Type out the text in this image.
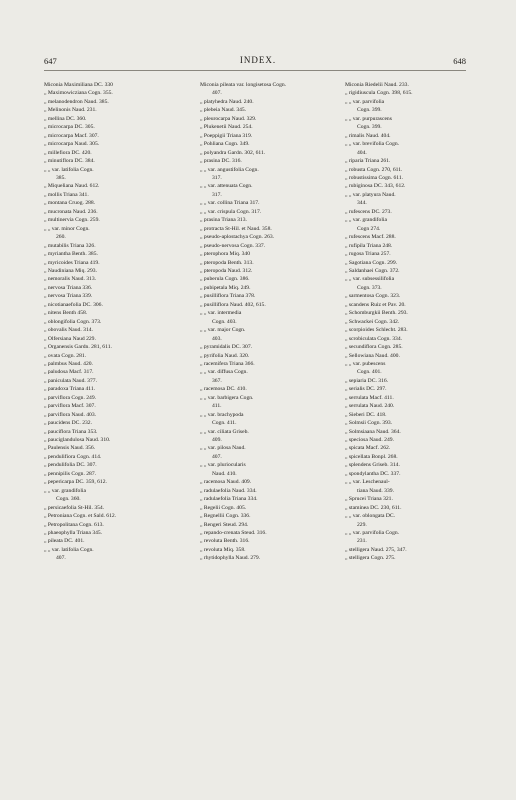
647	INDEX.	648
Miconia Maximiliana DC. 330
„ Maximowicziana Cogn. 355.
„ melanodendron Naud. 385.
„ Melinonis Naud. 231.
„ mellina DC. 360.
„ microcarpa DC. 305.
„ microcarpa Macf. 307.
„ microcarpa Naud. 305.
„ millefiora DC. 420.
„ minutiflora DC. 384.
„ „ var. latifolia Cogn.
385.
„ Miqueliana Naud. 612.
„ mollis Triana 341.
„ montana Cruog. 288.
„ mucronata Naud. 236.
„ multinervia Cogn. 259.
„ „ var. minor Cogn.
260.
„ mutabilis Triana 326.
„ myriantha Benth. 385.
„ myricoides Triana 419.
„ Naudiniana Miq. 293.
„ nemoralis Naud. 313.
„ nervosa Triana 336.
„ nervosa Triana 339.
„ nicotianaefolia DC. 306.
„ nitens Benth 458.
„ oblongifolia Cogn. 373.
„ obovalis Naud. 314.
„ Olfersiana Naud 229.
„ Organensis Gardn. 281, 611.
„ ovata Cogn. 281.
„ palmbus Naud. 420.
„ paludosa Macf. 317.
„ paniculata Naud. 377.
„ paradoxa Triana 411.
„ parviflora Cogn. 249.
„ parviflora Macf. 307.
„ parviflora Naud. 403.
„ paucidens DC. 232.
„ pauciflora Triana 353.
„ pauciglandulosa Naud. 310.
„ Paulensis Naud. 356.
„ pendulifiora Cogn. 414.
„ pendulifolia DC. 307.
„ pennipilis Cogn. 287.
„ pepericarpa DC. 359, 612.
„ „ var. grandifolia
Cogn. 360.
„ persicaefolia St-Hil. 354.
„ Petroniana Cogn. et Sald. 612.
„ Petropolitana Cogn. 613.
„ phaeophylla Triana 345.
„ pileata DC. 401.
„ „ var. latifolia Cogn.
407.
Miconia pileata var. longisetosa Cogn.
407.
„ platyhedra Naud. 240.
„ plebeia Naud. 345.
„ pleurocarpa Naud. 329.
„ Plukenetii Naud. 254.
„ Poeppigii Triana 319.
„ Pohliana Cogn. 349.
„ polyandra Gardn. 302, 611.
„ prasina DC. 316.
„ „ var. angustifolia Cogn.
317.
„ „ var. attenuata Cogn.
317.
„ „ var. collina Triana 317.
„ „ var. crispula Cogn. 317.
„ prasina Triana 313.
„ protracta St-Hil. et Naud. 358.
„ pseudo-aplostachya Cogn. 263.
„ pseudo-nervosa Cogn. 337.
„ pterophora Miq. 340
„ pteropoda Benth. 313.
„ pteropoda Naud. 312.
„ puberula Cogn. 386.
„ pubipetala Miq. 249.
„ pusilliflora Triana 378.
„ pusilliflora Naud. 402, 615.
„ „ var. intermedia
Cogn. 403.
„ „ var. major Cogn.
403.
„ pyramidalis DC. 307.
„ pyrifolia Naud. 320.
„ racemifera Triana 366.
„ „ var. diffusa Cogn.
367.
„ racemosa DC. 410.
„ „ var. barbigera Cogn.
411.
„ „ var. brachypoda
Cogn. 411.
„ „ var. ciliata Griseb.
409.
„ „ var. pilosa Naud.
407.
„ „ var. pluriocularis
Naud. 410.
„ racemosa Naud. 409.
„ radulaefolia Naud. 334.
„ radulaefolia Triana 334.
„ Regelii Cogn. 405.
„ Regnellii Cogn. 336.
„ Rengeri Steud. 294.
„ repando-crenata Steud. 316.
„ revoluta Benth. 316.
„ revoluta Miq. 358.
„ rhytidophylla Naud. 279.
Miconia Riedelii Naud. 233.
„ rigidiuscula Cogn. 398, 615.
„ „ var. parvifolia
Cogn. 399.
„ „ var. purpurascens
Cogn. 399.
„ rimalis Naud. 404.
„ „ var. brevifolia Cogn.
404.
„ riparia Triana 261.
„ robusta Cogn. 270, 611.
„ robustissima Cogn. 611.
„ rubiginosa DC. 343, 612.
„ „ var. platyura Naud.
344.
„ rufescens DC. 273.
„ „ var. grandifolia
Cogn 274.
„ rufescens Macf. 288.
„ rufipila Triana 248.
„ rugosa Triana 257.
„ Sagotiana Cogn. 299.
„ Saldanhaei Cogn. 372.
„ „ var. subsessilifolia
Cogn. 373.
„ sarmentosa Cogn. 323.
„ scandens Ruiz et Pav. 20.
„ Schomburgkii Benth. 293.
„ Schwackei Cogn. 342.
„ scorpioides Schlecht. 283.
„ scrobiculata Cogn. 334.
„ secundiflora Cogn. 285.
„ Sellowiana Naud. 400.
„ „ var. pubescens
Cogn. 401.
„ sepiaria DC. 316.
„ serialis DC. 297.
„ serrulata Macf. 411.
„ serrulata Naud. 240.
„ Sieberi DC. 418.
„ Solmsii Cogn. 393.
„ Solmsiaana Naud. 364.
„ speciosa Naud. 249.
„ spicata Macf. 262.
„ spicellata Bonpl. 268.
„ splendens Griseb. 314.
„ spondylantha DC. 337.
„ „ var. Leschenaul-
tiana Naud. 339.
„ Sprucei Triana 321.
„ staminea DC. 230, 611.
„ „ var. oblongata DC.
229.
„ „ var. parvifolia Cogn.
231.
„ stelligera Naud. 275, 347.
„ stelligera Cogn. 275.
